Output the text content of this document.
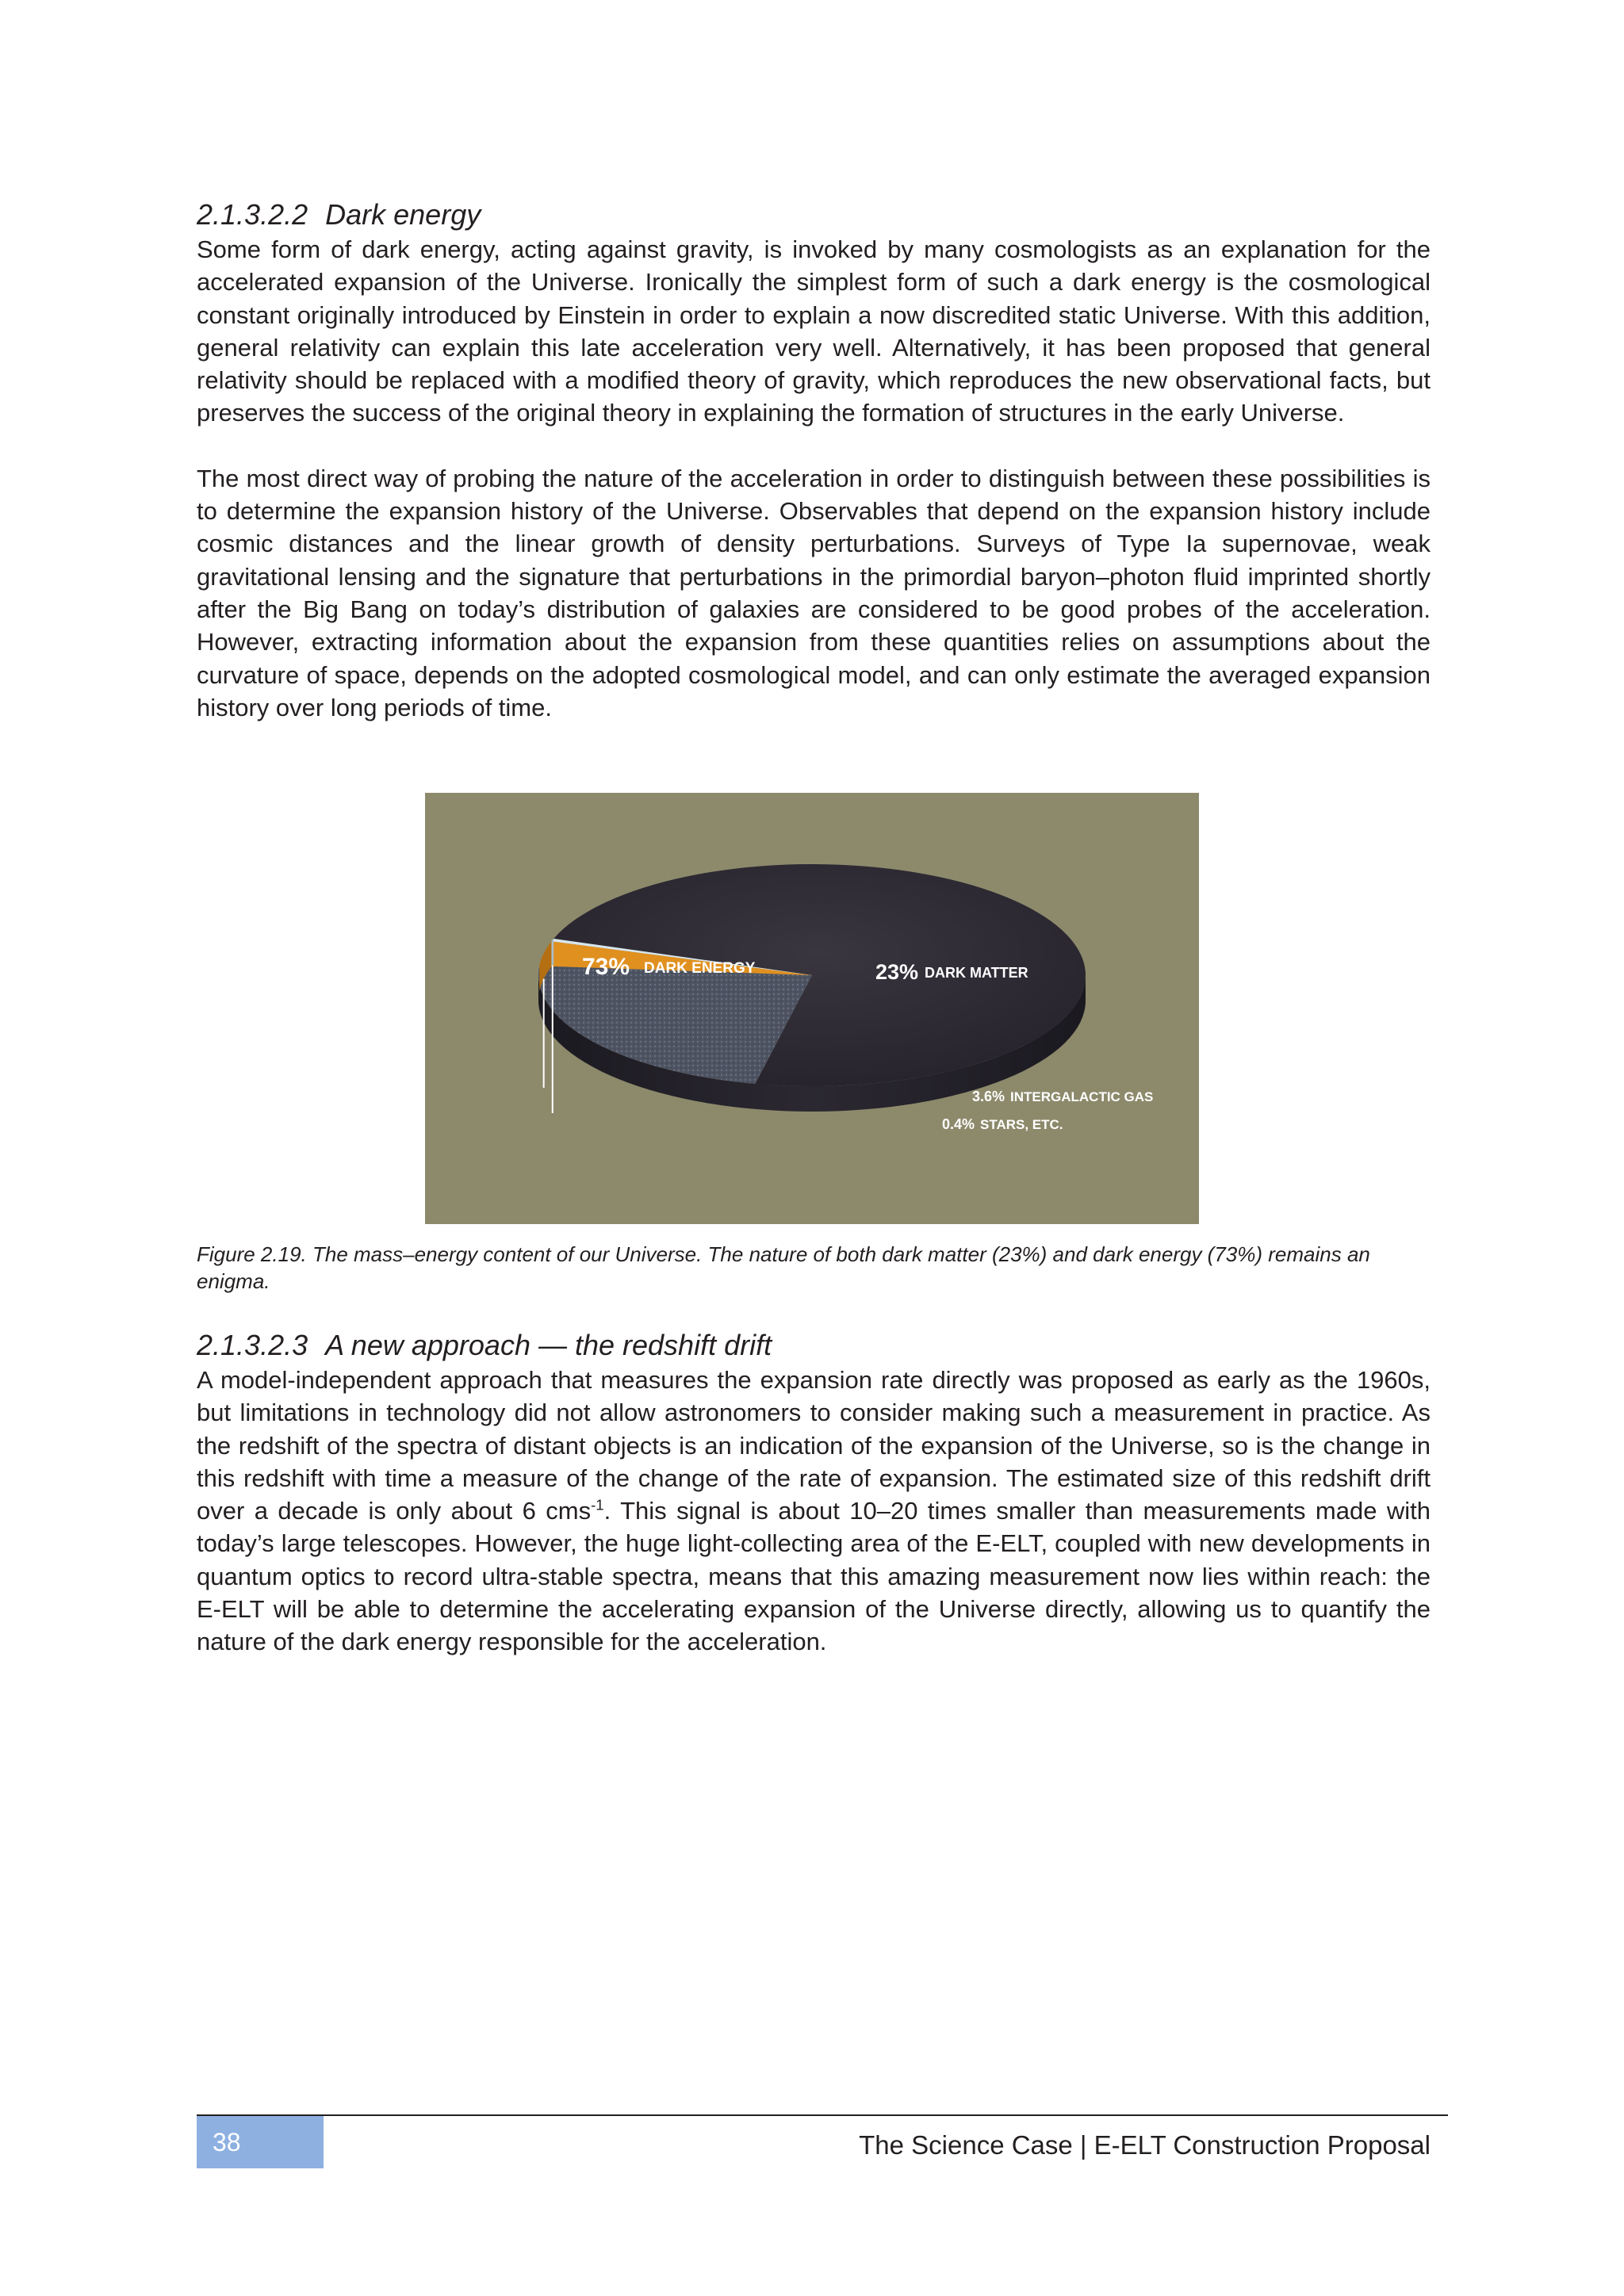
2.1.3.2.2 Dark energy

Some form of dark energy, acting against gravity, is invoked by many cosmologists as an explanation for the accelerated expansion of the Universe. Ironically the simplest form of such a dark energy is the cosmological constant originally introduced by Einstein in order to explain a now discredited static Universe. With this addition, general relativity can explain this late acceleration very well. Alternatively, it has been proposed that general relativity should be replaced with a modified theory of gravity, which reproduces the new observational facts, but preserves the success of the original theory in explaining the formation of structures in the early Universe.

The most direct way of probing the nature of the acceleration in order to distinguish between these possibilities is to determine the expansion history of the Universe. Observables that depend on the expansion history include cosmic distances and the linear growth of density perturbations. Surveys of Type Ia supernovae, weak gravitational lensing and the signature that perturbations in the primordial baryon–photon fluid imprinted shortly after the Big Bang on today’s distribution of galaxies are considered to be good probes of the acceleration. However, extracting information about the expansion from these quantities relies on assumptions about the curvature of space, depends on the adopted cosmological model, and can only estimate the averaged expansion history over long periods of time.

73% DARK ENERGY	23% DARK MATTER
3.6% INTERGALACTIC GAS
0.4% STARS, ETC.

Figure 2.19. The mass–energy content of our Universe. The nature of both dark matter (23%) and dark energy (73%) remains an enigma.

2.1.3.2.3 A new approach — the redshift drift

A model-independent approach that measures the expansion rate directly was proposed as early as the 1960s, but limitations in technology did not allow astronomers to consider making such a measurement in practice. As the redshift of the spectra of distant objects is an indication of the expansion of the Universe, so is the change in this redshift with time a measure of the change of the rate of expansion. The estimated size of this redshift drift over a decade is only about 6 cms$^{-1}$. This signal is about 10–20 times smaller than measurements made with today’s large telescopes. However, the huge light-collecting area of the E-ELT, coupled with new developments in quantum optics to record ultra-stable spectra, means that this amazing measurement now lies within reach: the E-ELT will be able to determine the accelerating expansion of the Universe directly, allowing us to quantify the nature of the dark energy responsible for the acceleration.

38	The Science Case | E-ELT Construction Proposal
